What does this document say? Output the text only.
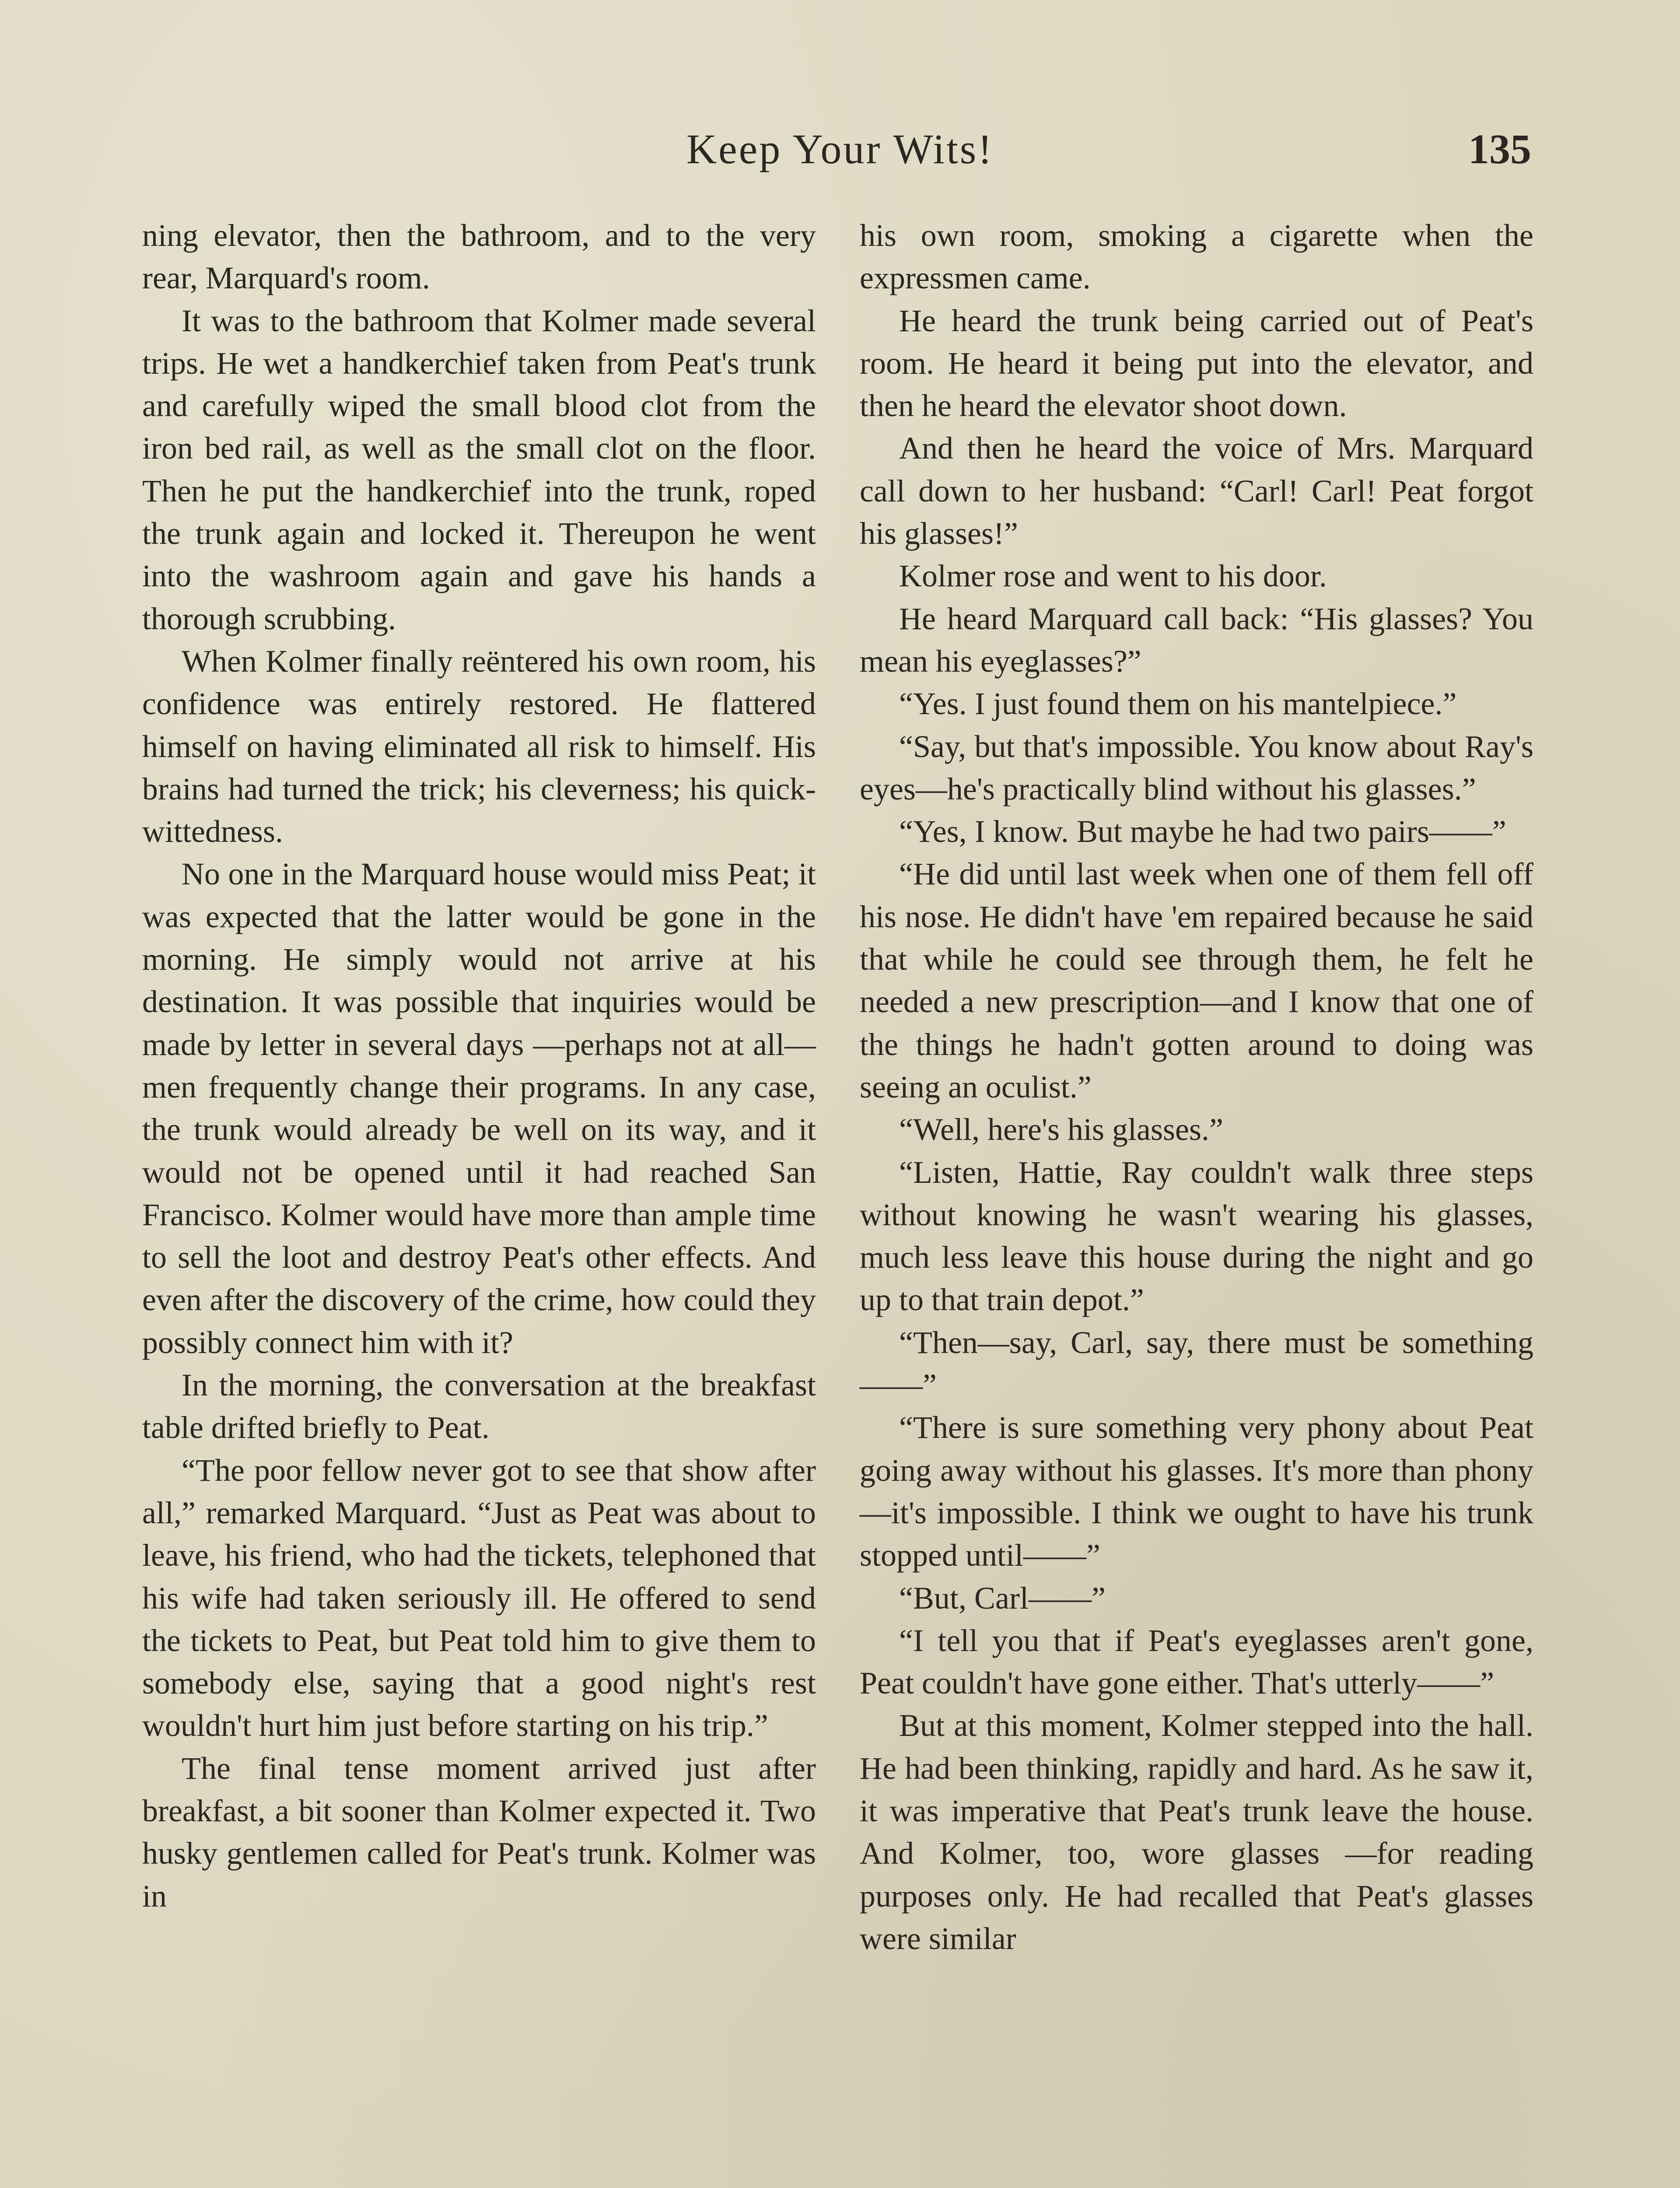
Keep Your Wits!	135

ning elevator, then the bathroom, and to the very rear, Marquard's room.

It was to the bathroom that Kolmer made several trips. He wet a handkerchief taken from Peat's trunk and carefully wiped the small blood clot from the iron bed rail, as well as the small clot on the floor. Then he put the handkerchief into the trunk, roped the trunk again and locked it. Thereupon he went into the washroom again and gave his hands a thorough scrubbing.

When Kolmer finally reëntered his own room, his confidence was entirely restored. He flattered himself on having eliminated all risk to himself. His brains had turned the trick; his cleverness; his quick-wittedness.

No one in the Marquard house would miss Peat; it was expected that the latter would be gone in the morning. He simply would not arrive at his destination. It was possible that inquiries would be made by letter in several days —perhaps not at all—men frequently change their programs. In any case, the trunk would already be well on its way, and it would not be opened until it had reached San Francisco. Kolmer would have more than ample time to sell the loot and destroy Peat's other effects. And even after the discovery of the crime, how could they possibly connect him with it?

In the morning, the conversation at the breakfast table drifted briefly to Peat.

“The poor fellow never got to see that show after all,” remarked Marquard. “Just as Peat was about to leave, his friend, who had the tickets, telephoned that his wife had taken seriously ill. He offered to send the tickets to Peat, but Peat told him to give them to somebody else, saying that a good night's rest wouldn't hurt him just before starting on his trip.”

The final tense moment arrived just after breakfast, a bit sooner than Kolmer expected it. Two husky gentlemen called for Peat's trunk. Kolmer was in

his own room, smoking a cigarette when the expressmen came.

He heard the trunk being carried out of Peat's room. He heard it being put into the elevator, and then he heard the elevator shoot down.

And then he heard the voice of Mrs. Marquard call down to her husband: “Carl! Carl! Peat forgot his glasses!”

Kolmer rose and went to his door.

He heard Marquard call back: “His glasses? You mean his eyeglasses?”

“Yes. I just found them on his mantelpiece.”

“Say, but that's impossible. You know about Ray's eyes—he's practically blind without his glasses.”

“Yes, I know. But maybe he had two pairs——”

“He did until last week when one of them fell off his nose. He didn't have 'em repaired because he said that while he could see through them, he felt he needed a new prescription—and I know that one of the things he hadn't gotten around to doing was seeing an oculist.”

“Well, here's his glasses.”

“Listen, Hattie, Ray couldn't walk three steps without knowing he wasn't wearing his glasses, much less leave this house during the night and go up to that train depot.”

“Then—say, Carl, say, there must be something——”

“There is sure something very phony about Peat going away without his glasses. It's more than phony—it's impossible. I think we ought to have his trunk stopped until——”

“But, Carl——”

“I tell you that if Peat's eyeglasses aren't gone, Peat couldn't have gone either. That's utterly——”

But at this moment, Kolmer stepped into the hall. He had been thinking, rapidly and hard. As he saw it, it was imperative that Peat's trunk leave the house. And Kolmer, too, wore glasses —for reading purposes only. He had recalled that Peat's glasses were similar
